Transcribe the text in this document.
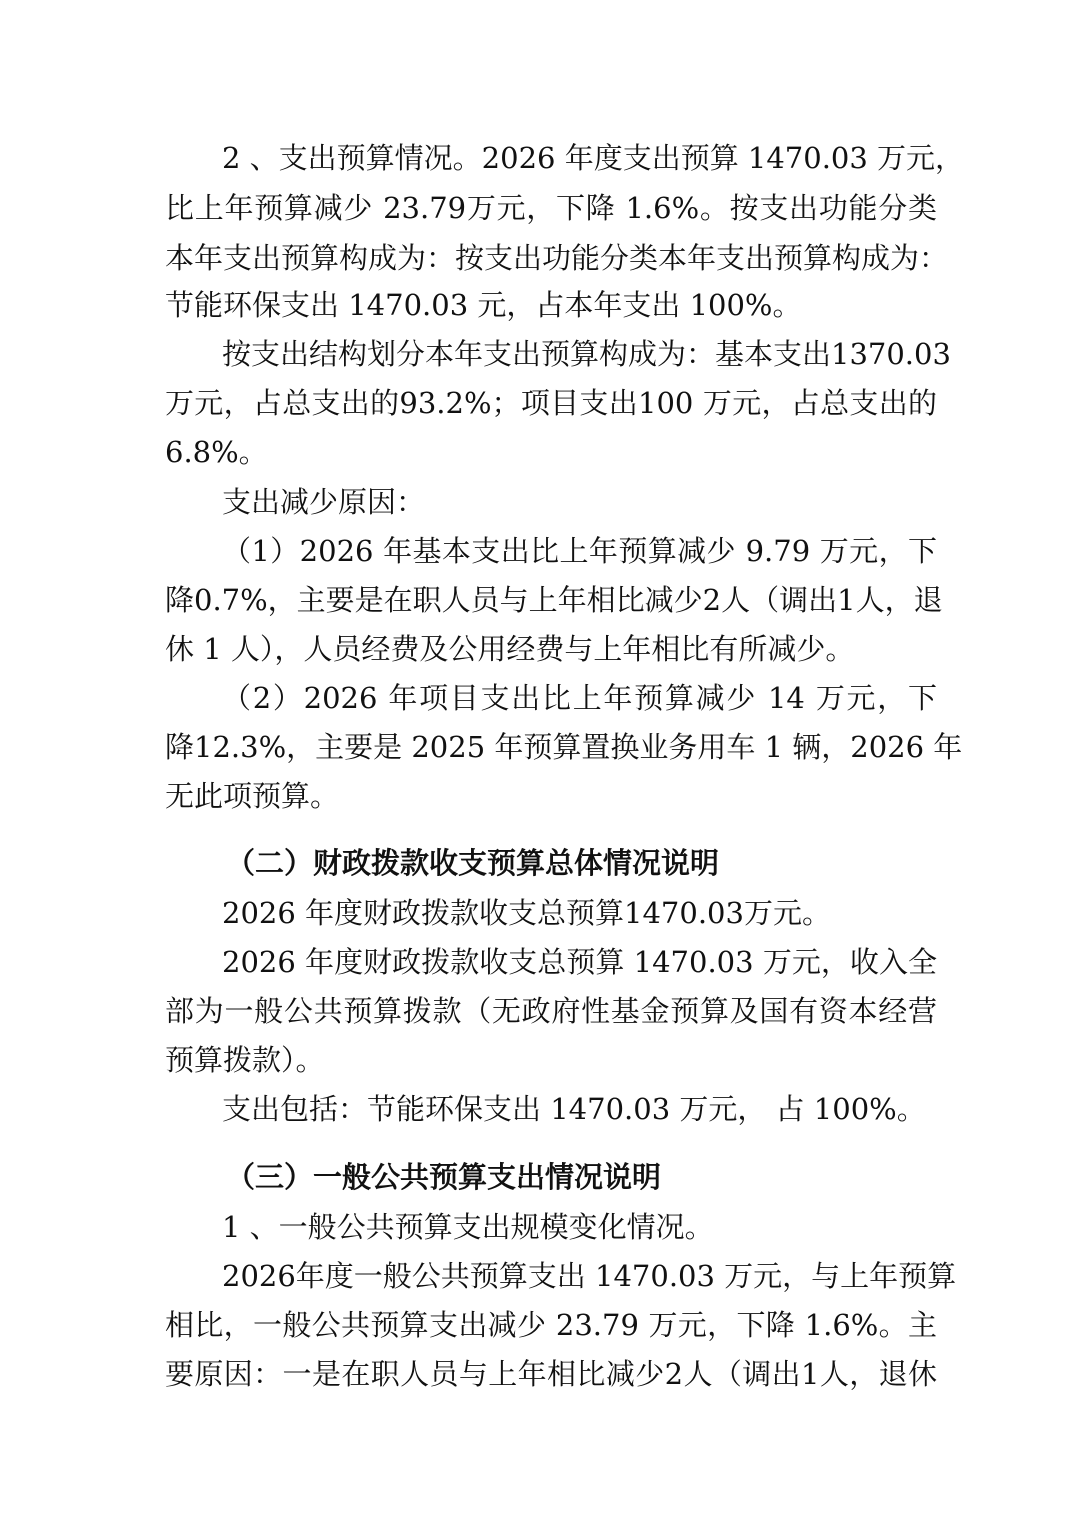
2 、支出预算情况。2026 年度支出预算 1470.03 万元，
比上年预算减少 23.79万元，下降 1.6%。按支出功能分类
本年支出预算构成为：按支出功能分类本年支出预算构成为：
节能环保支出 1470.03 元，占本年支出 100%。
按支出结构划分本年支出预算构成为：基本支出1370.03
万元，占总支出的93.2%；项目支出100 万元，占总支出的
6.8%。
支出减少原因：
（1）2026 年基本支出比上年预算减少 9.79 万元，下
降0.7%，主要是在职人员与上年相比减少2人（调出1人，退
休 1 人），人员经费及公用经费与上年相比有所减少。
（2）2026 年项目支出比上年预算减少 14 万元，下
降12.3%，主要是 2025 年预算置换业务用车 1 辆，2026 年
无此项预算。
（二）财政拨款收支预算总体情况说明
2026 年度财政拨款收支总预算1470.03万元。
2026 年度财政拨款收支总预算 1470.03 万元，收入全
部为一般公共预算拨款（无政府性基金预算及国有资本经营
预算拨款）。
支出包括：节能环保支出 1470.03 万元， 占 100%。
（三）一般公共预算支出情况说明
1 、一般公共预算支出规模变化情况。
2026年度一般公共预算支出 1470.03 万元，与上年预算
相比，一般公共预算支出减少 23.79 万元，下降 1.6%。主
要原因：一是在职人员与上年相比减少2人（调出1人，退休
